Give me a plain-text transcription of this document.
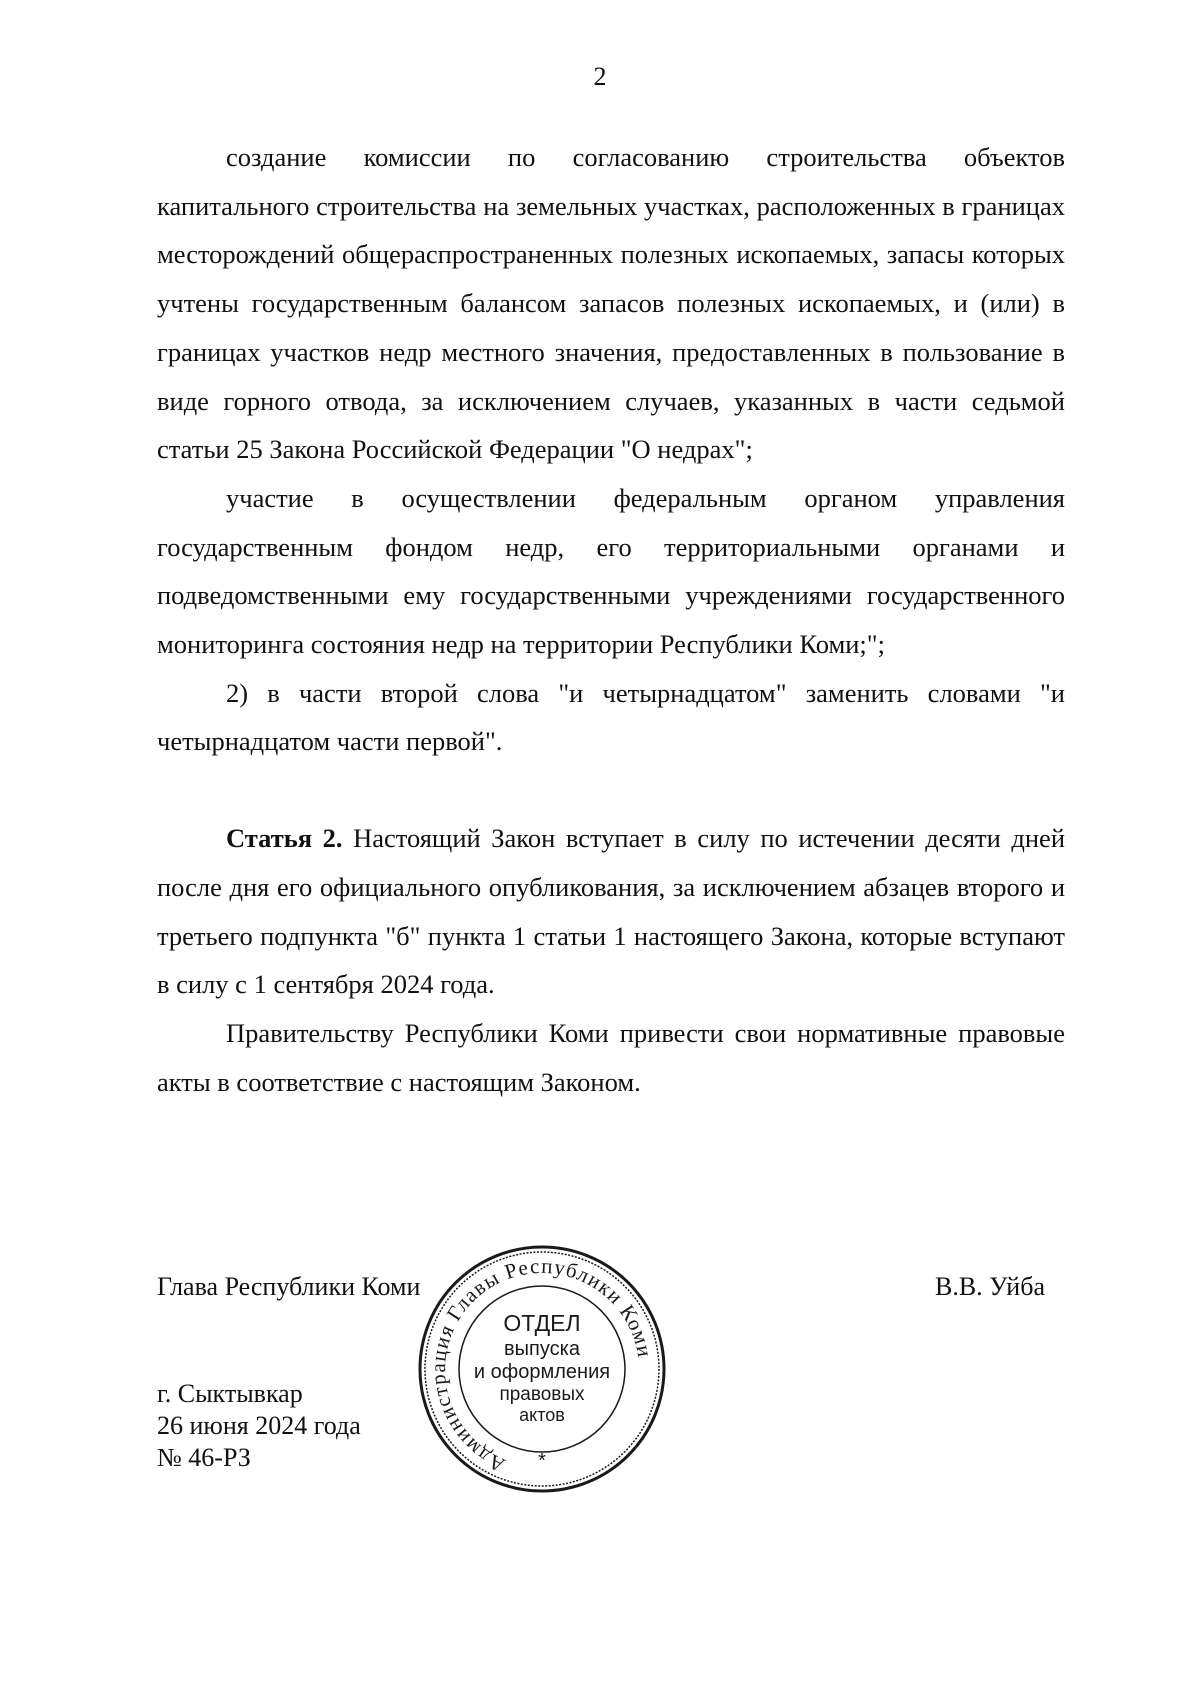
2

создание комиссии по согласованию строительства объектов капитального строительства на земельных участках, расположенных в границах месторождений общераспространенных полезных ископаемых, запасы которых учтены государственным балансом запасов полезных ископаемых, и (или) в границах участков недр местного значения, предоставленных в пользование в виде горного отвода, за исключением случаев, указанных в части седьмой статьи 25 Закона Российской Федерации "О недрах";

участие в осуществлении федеральным органом управления государственным фондом недр, его территориальными органами и подведомственными ему государственными учреждениями государственного мониторинга состояния недр на территории Республики Коми;";

2) в части второй слова "и четырнадцатом" заменить словами "и четырнадцатом части первой".

Статья 2. Настоящий Закон вступает в силу по истечении десяти дней после дня его официального опубликования, за исключением абзацев второго и третьего подпункта "б" пункта 1 статьи 1 настоящего Закона, которые вступают в силу с 1 сентября 2024 года.

Правительству Республики Коми привести свои нормативные правовые акты в соответствие с настоящим Законом.

Глава Республики Коми	В.В. Уйба
г. Сыктывкар
26 июня 2024 года
№ 46-РЗ	Администрация Главы Республики Коми
ОТДЕЛ
выпуска
и оформления
правовых
актов
*
